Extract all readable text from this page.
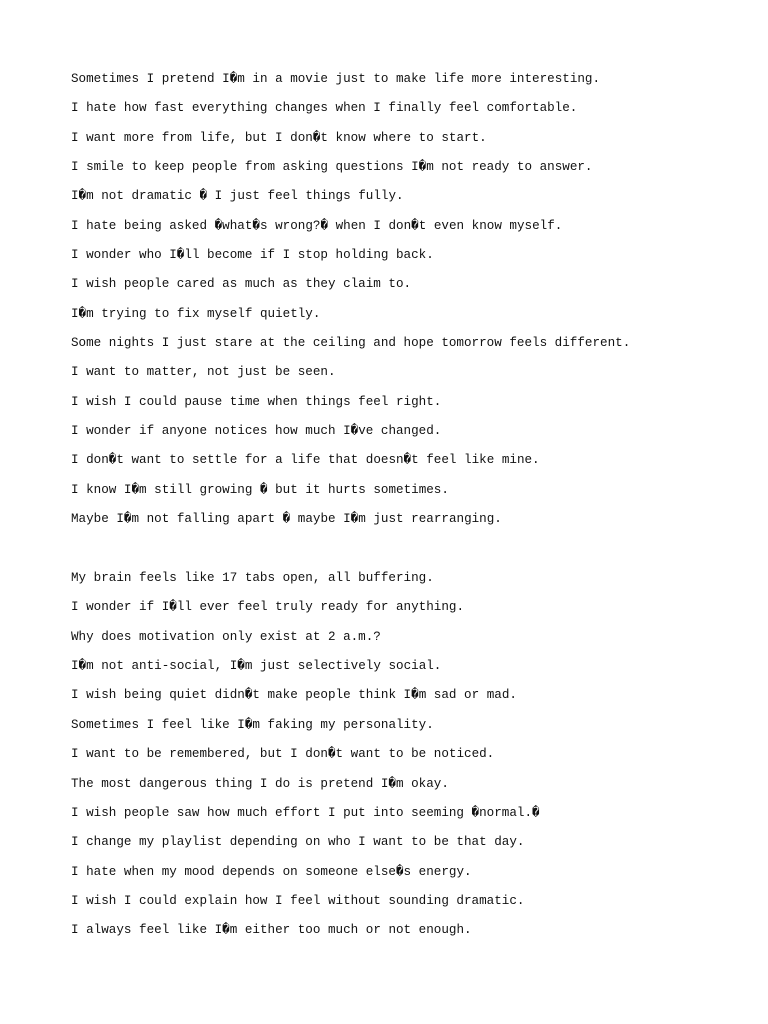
Sometimes I pretend I�m in a movie just to make life more interesting.
I hate how fast everything changes when I finally feel comfortable.
I want more from life, but I don�t know where to start.
I smile to keep people from asking questions I�m not ready to answer.
I�m not dramatic � I just feel things fully.
I hate being asked �what�s wrong?� when I don�t even know myself.
I wonder who I�ll become if I stop holding back.
I wish people cared as much as they claim to.
I�m trying to fix myself quietly.
Some nights I just stare at the ceiling and hope tomorrow feels different.
I want to matter, not just be seen.
I wish I could pause time when things feel right.
I wonder if anyone notices how much I�ve changed.
I don�t want to settle for a life that doesn�t feel like mine.
I know I�m still growing � but it hurts sometimes.
Maybe I�m not falling apart � maybe I�m just rearranging.
My brain feels like 17 tabs open, all buffering.
I wonder if I�ll ever feel truly ready for anything.
Why does motivation only exist at 2 a.m.?
I�m not anti-social, I�m just selectively social.
I wish being quiet didn�t make people think I�m sad or mad.
Sometimes I feel like I�m faking my personality.
I want to be remembered, but I don�t want to be noticed.
The most dangerous thing I do is pretend I�m okay.
I wish people saw how much effort I put into seeming �normal.�
I change my playlist depending on who I want to be that day.
I hate when my mood depends on someone else�s energy.
I wish I could explain how I feel without sounding dramatic.
I always feel like I�m either too much or not enough.
